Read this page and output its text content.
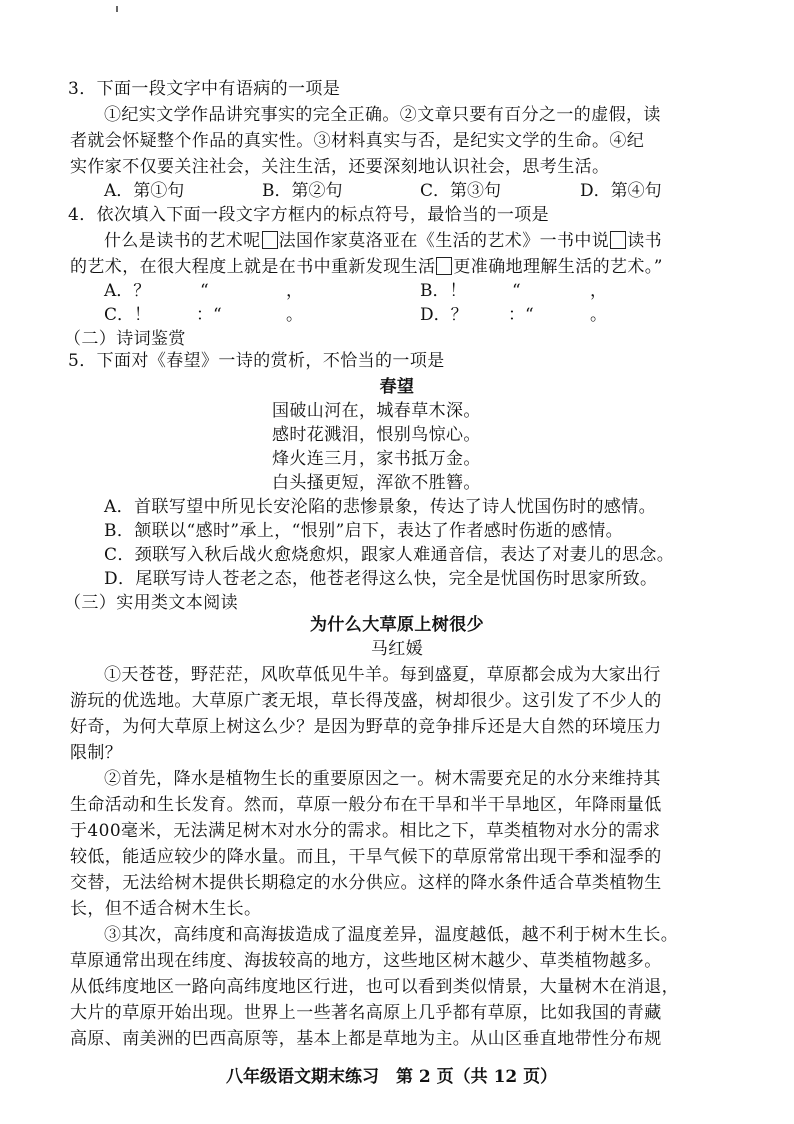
3．下面一段文字中有语病的一项是
①纪实文学作品讲究事实的完全正确。②文章只要有百分之一的虚假，读
者就会怀疑整个作品的真实性。③材料真实与否，是纪实文学的生命。④纪
实作家不仅要关注社会，关注生活，还要深刻地认识社会，思考生活。
A．第①句	B．第②句	C．第③句	D．第④句
4．依次填入下面一段文字方框内的标点符号，最恰当的一项是
什么是读书的艺术呢 法国作家莫洛亚在《生活的艺术》一书中说 读书
的艺术，在很大程度上就是在书中重新发现生活 更准确地理解生活的艺术。”
A．？	“	，	B．！	“	，
C．！	：“	。	D．？ ：“	。
（二）诗词鉴赏
5．下面对《春望》一诗的赏析，不恰当的一项是
春望
国破山河在，城春草木深。
感时花溅泪，恨别鸟惊心。
烽火连三月，家书抵万金。
白头搔更短，浑欲不胜簪。
A．首联写望中所见长安沦陷的悲惨景象，传达了诗人忧国伤时的感情。
B．颔联以“感时”承上，“恨别”启下，表达了作者感时伤逝的感情。
C．颈联写入秋后战火愈烧愈炽，跟家人难通音信，表达了对妻儿的思念。
D．尾联写诗人苍老之态，他苍老得这么快，完全是忧国伤时思家所致。
（三）实用类文本阅读
为什么大草原上树很少
马红媛
①天苍苍，野茫茫，风吹草低见牛羊。每到盛夏，草原都会成为大家出行
游玩的优选地。大草原广袤无垠，草长得茂盛，树却很少。这引发了不少人的
好奇，为何大草原上树这么少？是因为野草的竞争排斥还是大自然的环境压力
限制？
②首先，降水是植物生长的重要原因之一。树木需要充足的水分来维持其
生命活动和生长发育。然而，草原一般分布在干旱和半干旱地区，年降雨量低
于400毫米，无法满足树木对水分的需求。相比之下，草类植物对水分的需求
较低，能适应较少的降水量。而且，干旱气候下的草原常常出现干季和湿季的
交替，无法给树木提供长期稳定的水分供应。这样的降水条件适合草类植物生
长，但不适合树木生长。
③其次，高纬度和高海拔造成了温度差异，温度越低，越不利于树木生长。
草原通常出现在纬度、海拔较高的地方，这些地区树木越少、草类植物越多。
从低纬度地区一路向高纬度地区行进，也可以看到类似情景，大量树木在消退，
大片的草原开始出现。世界上一些著名高原上几乎都有草原，比如我国的青藏
高原、南美洲的巴西高原等，基本上都是草地为主。从山区垂直地带性分布规
八年级语文期末练习　第 2 页（共 12 页）
